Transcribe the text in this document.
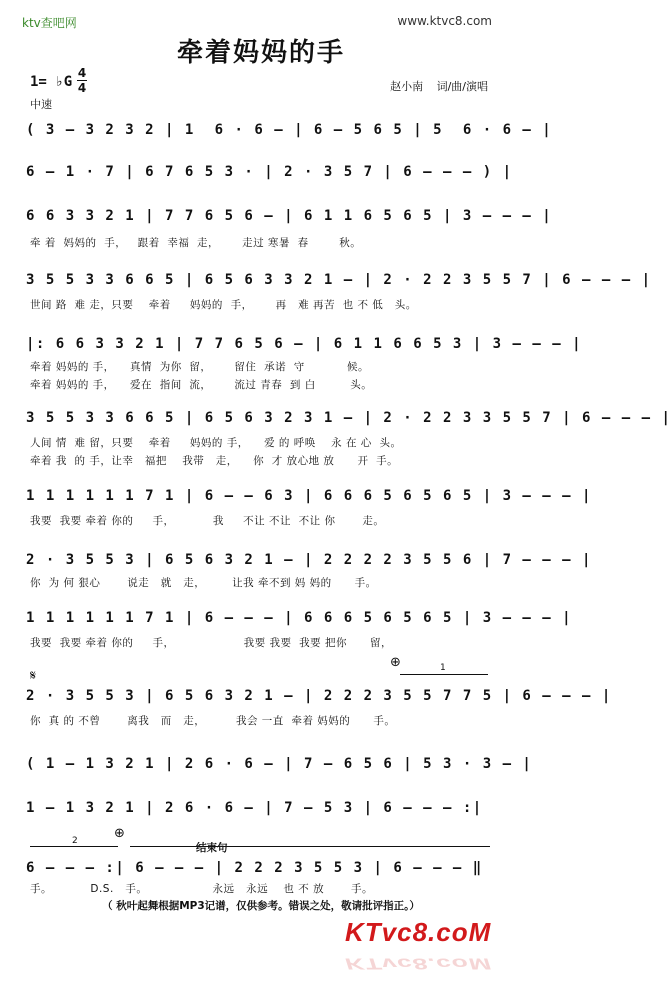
ktv查吧网	www.ktvc8.com
牵着妈妈的手
1= ♭G
4
4
中速
赵小南 词/曲/演唱
( 3 — 3 2 3 2 | 1  6 · 6 — | 6 — 5 6 5 | 5  6 · 6 — |
6 — 1 · 7 | 6 7 6 5 3 · | 2 · 3 5 7 | 6 — — — ) |
6 6 3 3 2 1 | 7 7 6 5 6 — | 6 1 1 6 5 6 5 | 3 — — — |
牵 着  妈妈的  手，   跟着  幸福  走，      走过 寒暑  春        秋。
3 5 5 3 3 6 6 5 | 6 5 6 3 3 2 1 — | 2 · 2 2 3 5 5 7 | 6 — — — |
世间 路  难 走，只要    牵着     妈妈的  手，      再   难 再苦  也 不 低   头。
|: 6 6 3 3 2 1 | 7 7 6 5 6 — | 6 1 1 6 6 5 3 | 3 — — — |
牵着 妈妈的 手，    真情  为你  留，      留住  承诺  守           候。
牵着 妈妈的 手，    爱在  指间  流，      流过 青春  到 白         头。
3 5 5 3 3 6 6 5 | 6 5 6 3 2 3 1 — | 2 · 2 2 3 3 5 5 7 | 6 — — — |
人间 情  难 留，只要    牵着     妈妈的 手，    爱 的 呼唤    永 在 心  头。
牵着 我  的 手，让幸   福把    我带   走，    你  才 放心地 放      开  手。
1 1 1 1 1 1 7 1 | 6 — — 6 3 | 6 6 6 5 6 5 6 5 | 3 — — — |
我要  我要 牵着 你的     手，          我     不让 不让  不让 你       走。
2 · 3 5 5 3 | 6 5 6 3 2 1 — | 2 2 2 2 3 5 5 6 | 7 — — — |
你  为 何 狠心       说走   就   走，       让我 牵不到 妈 妈的      手。
1 1 1 1 1 1 7 1 | 6 — — — | 6 6 6 5 6 5 6 5 | 3 — — — |
我要  我要 牵着 你的     手，                  我要 我要  我要 把你      留，
𝄋
⊕	1
2 · 3 5 5 3 | 6 5 6 3 2 1 — | 2 2 2 3 5 5 7 7 5 | 6 — — — |
你  真 的 不曾       离我   而   走，        我会 一直  牵着 妈妈的      手。
( 1 — 1 3 2 1 | 2 6 · 6 — | 7 — 6 5 6 | 5 3 · 3 — |
1 — 1 3 2 1 | 2 6 · 6 — | 7 — 5 3 | 6 — — — :|
2	⊕
结束句
6 — — — :| 6 — — — | 2 2 2 3 5 5 3 | 6 — — — ‖
手。          D.S.   手。                 永远   永远    也 不 放       手。
（ 秋叶起舞根据MP3记谱，仅供参考。错误之处，敬请批评指正。）
KTvc8.coM
KTvc8.coM
